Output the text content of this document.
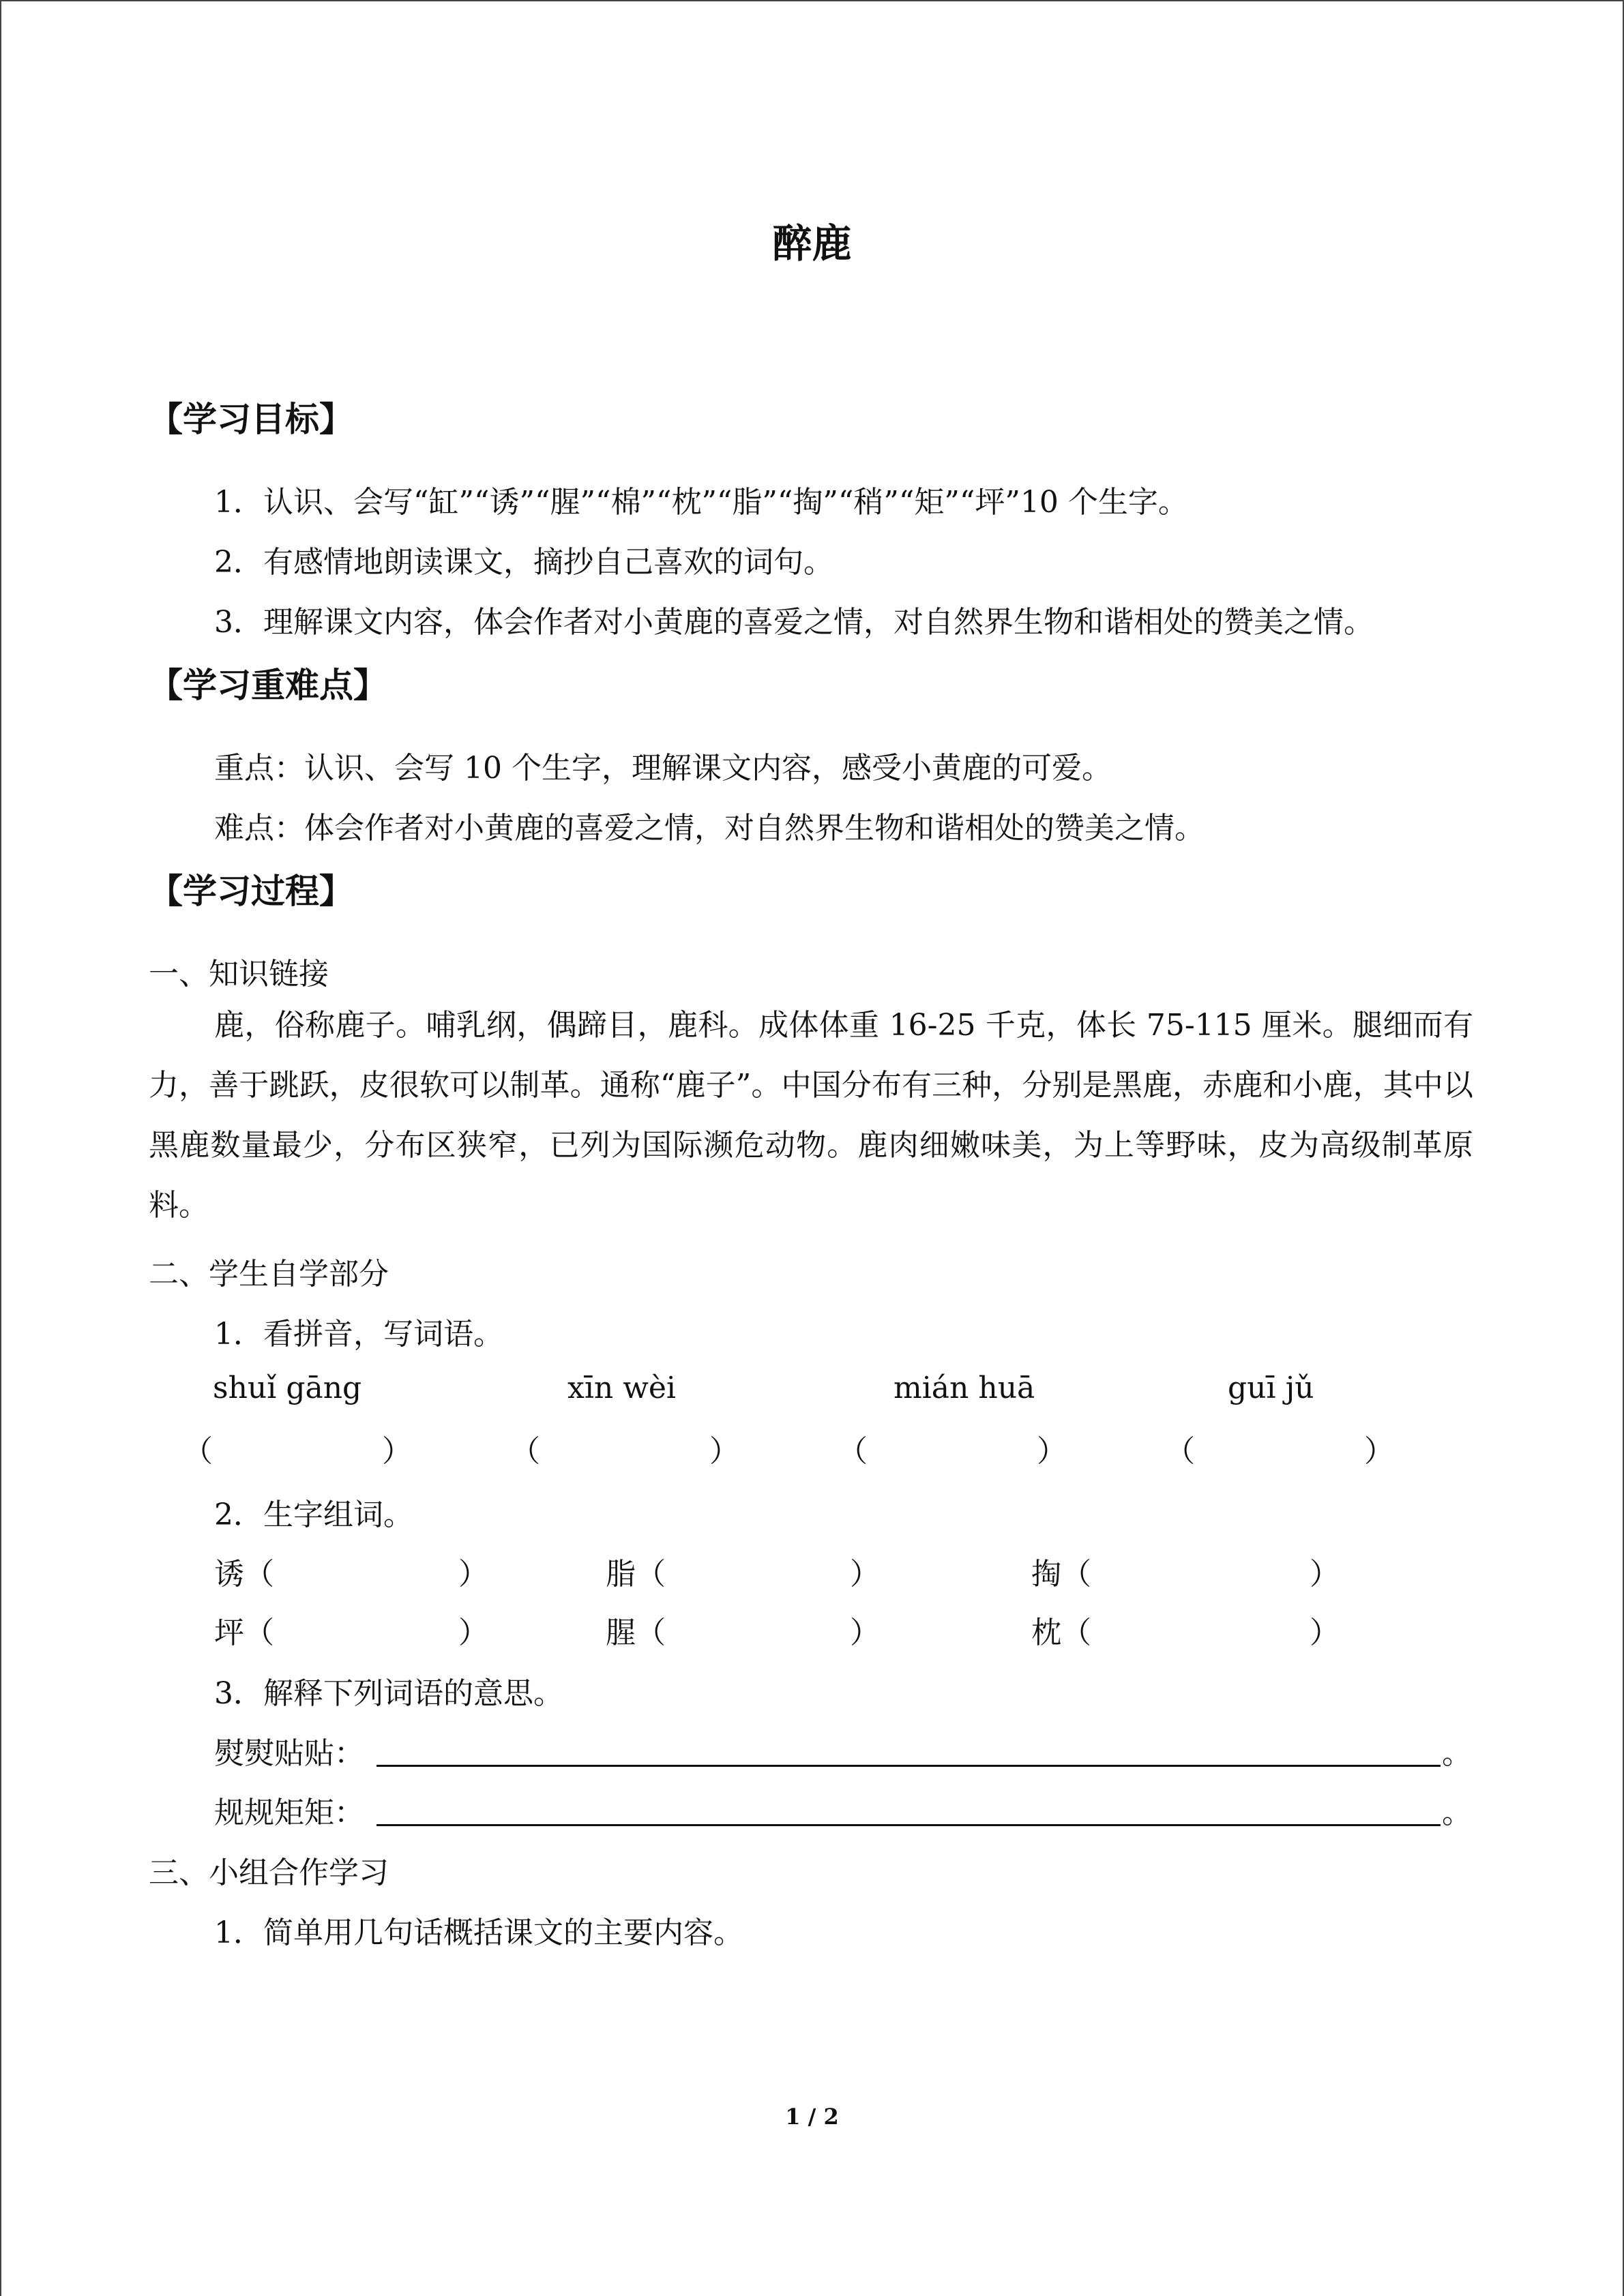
醉鹿
【学习目标】
1．认识、会写“缸”“诱”“腥”“棉”“枕”“脂”“掏”“稍”“矩”“坪”10 个生字。
2．有感情地朗读课文，摘抄自己喜欢的词句。
3．理解课文内容，体会作者对小黄鹿的喜爱之情，对自然界生物和谐相处的赞美之情。
【学习重难点】
重点：认识、会写 10 个生字，理解课文内容，感受小黄鹿的可爱。
难点：体会作者对小黄鹿的喜爱之情，对自然界生物和谐相处的赞美之情。
【学习过程】
一、知识链接
鹿，俗称鹿子。哺乳纲，偶蹄目，鹿科。成体体重 16-25 千克，体长 75-115 厘米。腿细而有力，善于跳跃，皮很软可以制革。通称“鹿子”。中国分布有三种，分别是黑鹿，赤鹿和小鹿，其中以黑鹿数量最少，分布区狭窄，已列为国际濒危动物。鹿肉细嫩味美，为上等野味，皮为高级制革原料。
二、学生自学部分
1．看拼音，写词语。
shuǐ gāng	xīn wèi	mián huā	guī jǔ
（	）	（	）	（	）	（	）
2．生字组词。
诱（	）	脂（	）	掏（	）
坪（	）	腥（	）	枕（	）
3．解释下列词语的意思。
熨熨贴贴：	。
规规矩矩：	。
三、小组合作学习
1．简单用几句话概括课文的主要内容。
1 / 2
